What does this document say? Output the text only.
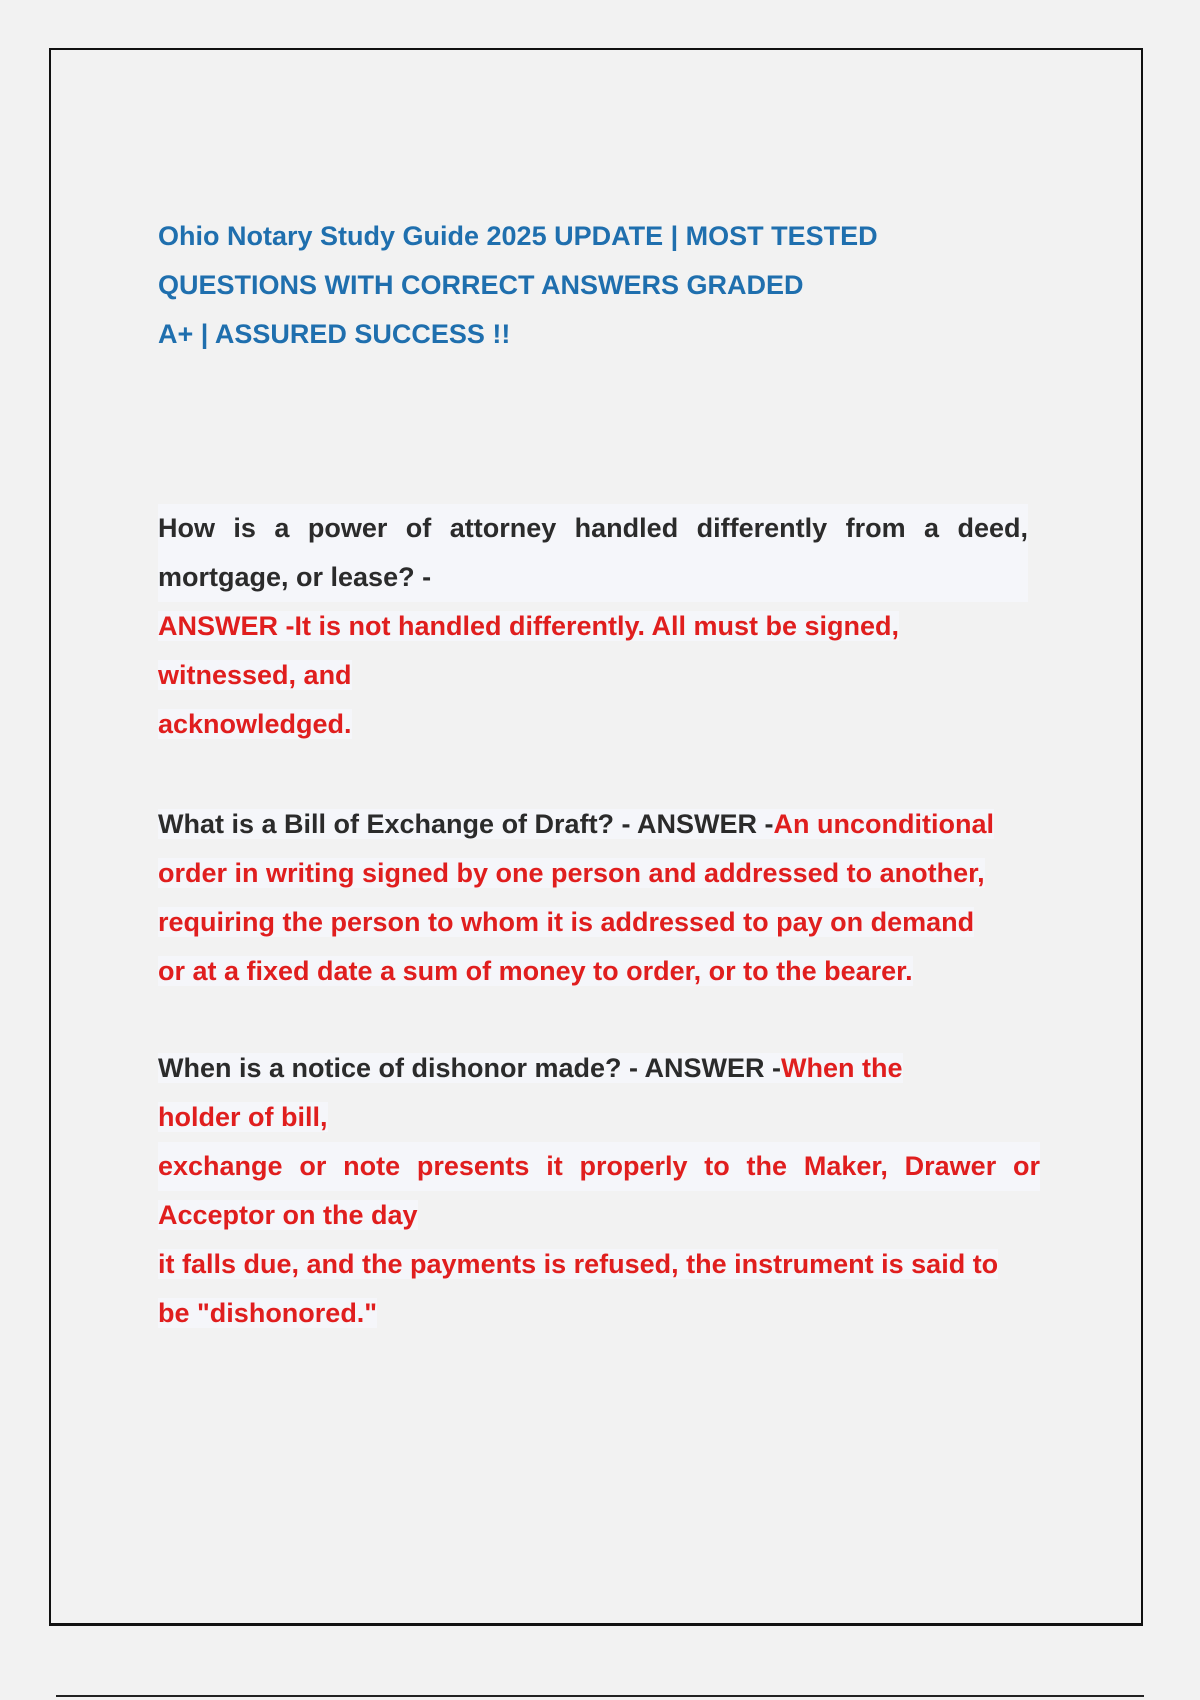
Ohio Notary Study Guide 2025 UPDATE | MOST TESTED
QUESTIONS WITH CORRECT ANSWERS GRADED
A+ | ASSURED SUCCESS !!
How is a power of attorney handled differently from a deed,
mortgage, or lease? -
ANSWER -It is not handled differently. All must be signed,
witnessed, and
acknowledged.
What is a Bill of Exchange of Draft? - ANSWER -An unconditional
order in writing signed by one person and addressed to another,
requiring the person to whom it is addressed to pay on demand
or at a fixed date a sum of money to order, or to the bearer.
When is a notice of dishonor made? - ANSWER -When the
holder of bill,
exchange or note presents it properly to the Maker, Drawer or
Acceptor on the day
it falls due, and the payments is refused, the instrument is said to
be "dishonored."
